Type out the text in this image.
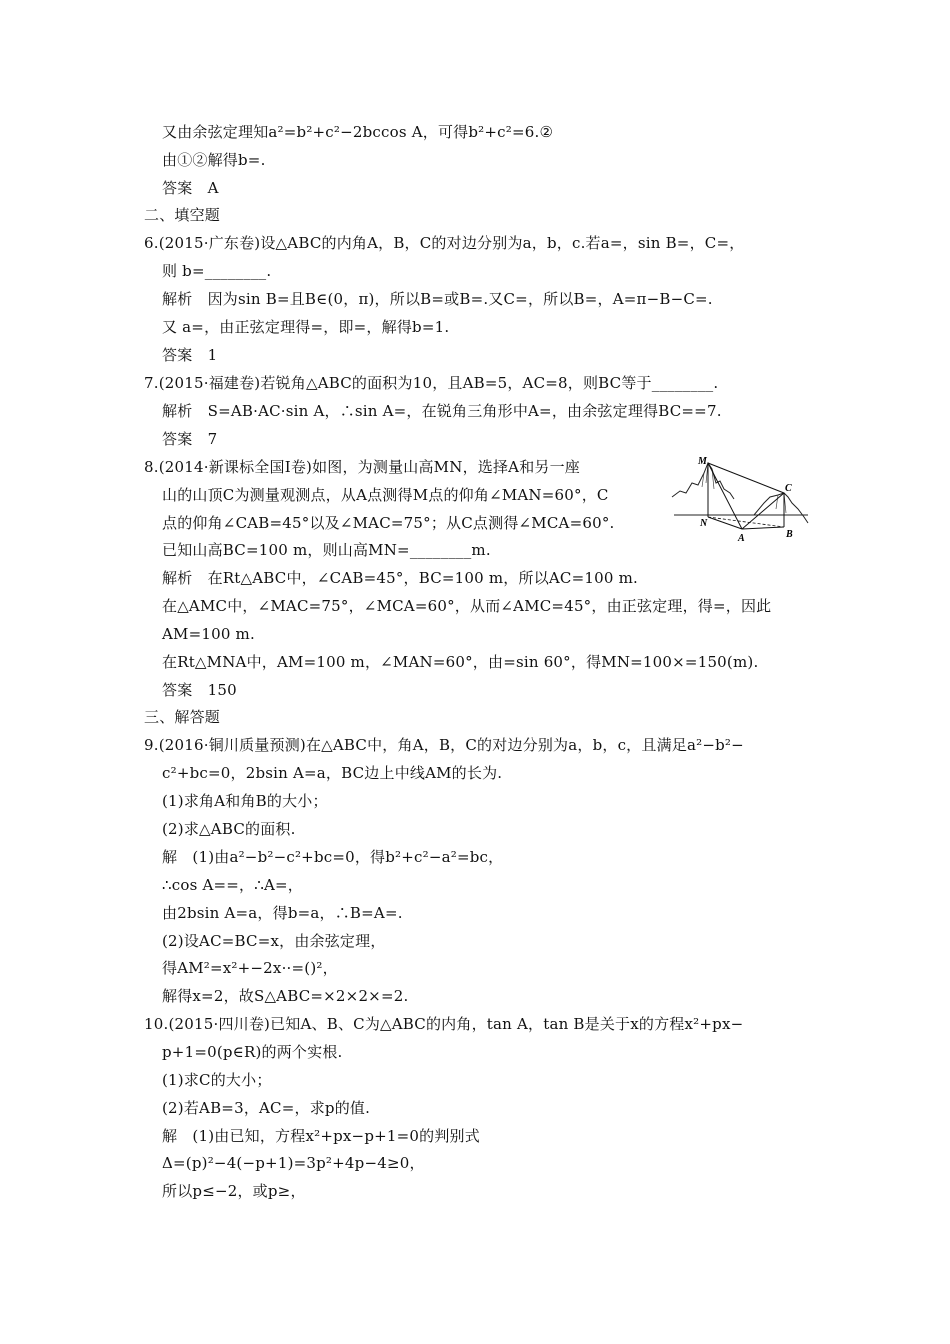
又由余弦定理知a²=b²+c²−2bccos A，可得b²+c²=6.②
由①②解得b=.
答案　A
二、填空题
6.(2015·广东卷)设△ABC的内角A，B，C的对边分别为a，b，c.若a=，sin B=，C=，
则 b=________.
解析　因为sin B=且B∈(0，π)，所以B=或B=.又C=，所以B=，A=π−B−C=.
又 a=，由正弦定理得=，即=，解得b=1.
答案　1
7.(2015·福建卷)若锐角△ABC的面积为10，且AB=5，AC=8，则BC等于________.
解析　S=AB·AC·sin A，∴sin A=，在锐角三角形中A=，由余弦定理得BC==7.
答案　7
8.(2014·新课标全国Ⅰ卷)如图，为测量山高MN，选择A和另一座
山的山顶C为测量观测点，从A点测得M点的仰角∠MAN=60°，C
点的仰角∠CAB=45°以及∠MAC=75°；从C点测得∠MCA=60°.
已知山高BC=100 m，则山高MN=________m.
解析　在Rt△ABC中，∠CAB=45°，BC=100 m，所以AC=100 m.
在△AMC中，∠MAC=75°，∠MCA=60°，从而∠AMC=45°，由正弦定理，得=，因此
AM=100 m.
在Rt△MNA中，AM=100 m，∠MAN=60°，由=sin 60°，得MN=100×=150(m).
答案　150
三、解答题
9.(2016·铜川质量预测)在△ABC中，角A，B，C的对边分别为a，b，c，且满足a²−b²−
c²+bc=0，2bsin A=a，BC边上中线AM的长为.
(1)求角A和角B的大小；
(2)求△ABC的面积.
解　(1)由a²−b²−c²+bc=0，得b²+c²−a²=bc，
∴cos A==，∴A=，
由2bsin A=a，得b=a，∴B=A=.
(2)设AC=BC=x，由余弦定理，
得AM²=x²+−2x··=()²，
解得x=2，故S△ABC=×2×2×=2.
10.(2015·四川卷)已知A、B、C为△ABC的内角，tan A，tan B是关于x的方程x²+px−
p+1=0(p∈R)的两个实根.
(1)求C的大小；
(2)若AB=3，AC=，求p的值.
解　(1)由已知，方程x²+px−p+1=0的判别式
Δ=(p)²−4(−p+1)=3p²+4p−4≥0，
所以p≤−2，或p≥，
M
N
A	B
C
